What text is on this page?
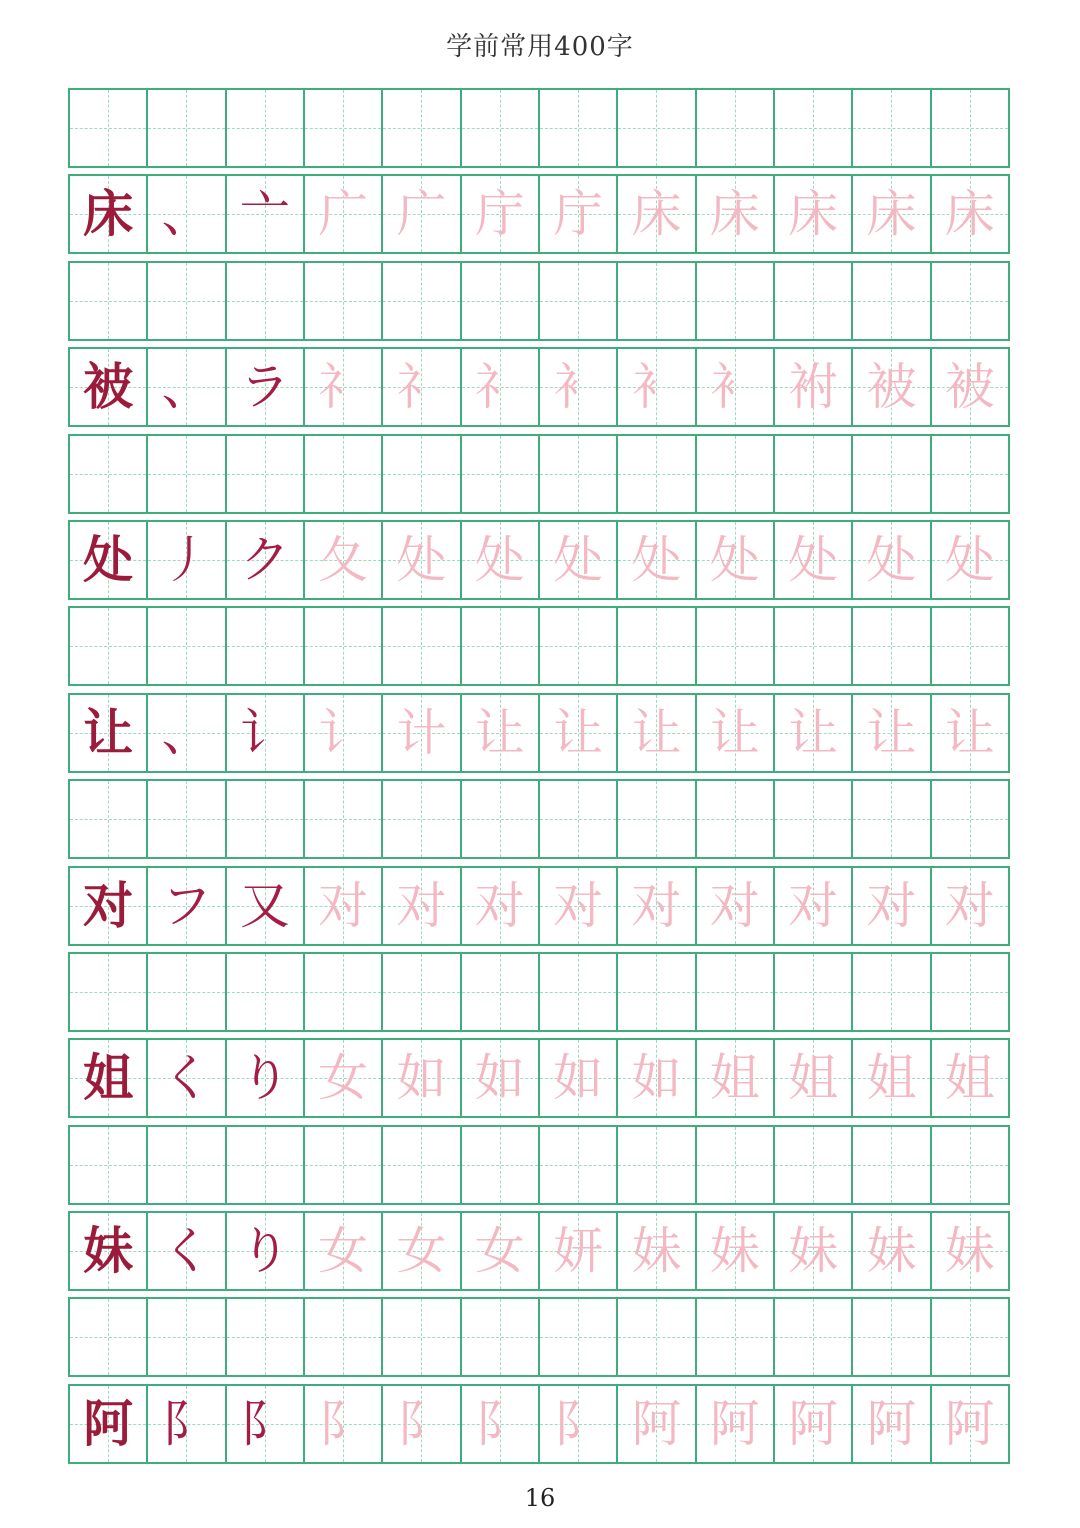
学前常用400字
床 、 亠 广 广 庁 庁 床 床 床 床 床
被 、 ラ 礻 礻 礻 衤 衤 衤 袝 被 被
处 丿 ク 夂 处 处 处 处 处 处 处 处
让 、 讠 讠 计 让 让 让 让 让 让 让
对 フ 又 对 对 对 对 对 对 对 对 对
姐 く り 女 如 如 如 如 姐 姐 姐 姐
妹 く り 女 女 女 妍 妹 妹 妹 妹 妹
阿 阝 阝 阝 阝 阝 阝 阿 阿 阿 阿 阿
16
